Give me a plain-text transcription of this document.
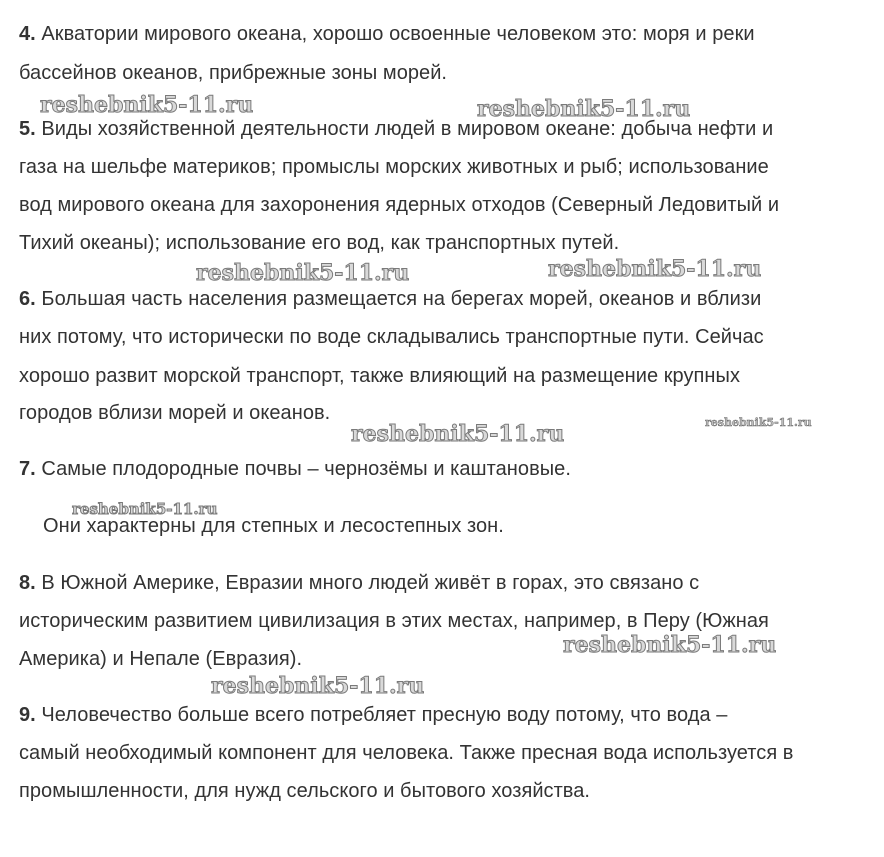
4. Акватории мирового океана, хорошо освоенные человеком это: моря и реки
бассейнов океанов, прибрежные зоны морей.
5. Виды хозяйственной деятельности людей в мировом океане: добыча нефти и
газа на шельфе материков; промыслы морских животных и рыб; использование
вод мирового океана для захоронения ядерных отходов (Северный Ледовитый и
Тихий океаны); использование его вод, как транспортных путей.
6. Большая часть населения размещается на берегах морей, океанов и вблизи
них потому, что исторически по воде складывались транспортные пути. Сейчас
хорошо развит морской транспорт, также влияющий на размещение крупных
городов вблизи морей и океанов.
7. Самые плодородные почвы – чернозёмы и каштановые.
Они характерны для степных и лесостепных зон.
8. В Южной Америке, Евразии много людей живёт в горах, это связано с
историческим развитием цивилизация в этих местах, например, в Перу (Южная
Америка) и Непале (Евразия).
9. Человечество больше всего потребляет пресную воду потому, что вода –
самый необходимый компонент для человека. Также пресная вода используется в
промышленности, для нужд сельского и бытового хозяйства.
reshebnik5-11.ru	reshebnik5-11.ru
reshebnik5-11.ru	reshebnik5-11.ru
reshebnik5-11.ru	reshebnik5-11.ru
reshebnik5-11.ru
reshebnik5-11.ru
reshebnik5-11.ru
